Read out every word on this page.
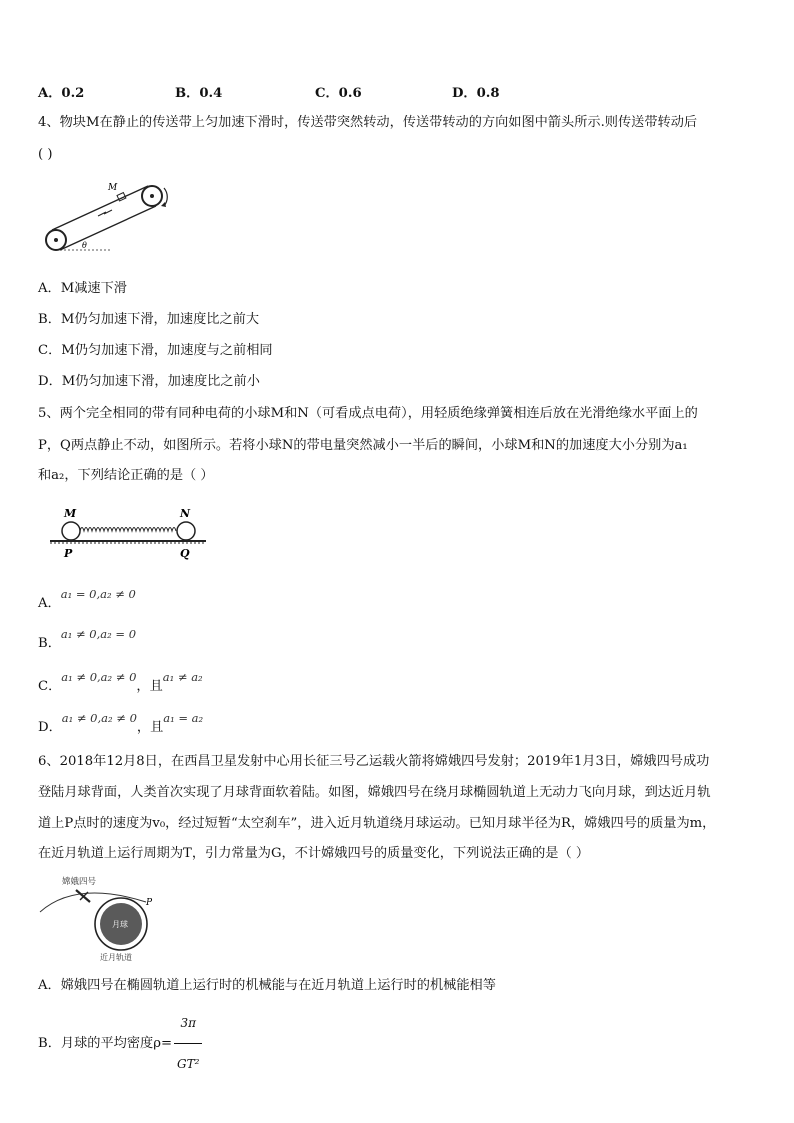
A．0.2	B．0.4	C．0.6	D．0.8
4、物块M在静止的传送带上匀加速下滑时，传送带突然转动，传送带转动的方向如图中箭头所示.则传送带转动后
( )
M
θ
A．M减速下滑
B．M仍匀加速下滑，加速度比之前大
C．M仍匀加速下滑，加速度与之前相同
D．M仍匀加速下滑，加速度比之前小
5、两个完全相同的带有同种电荷的小球M和N（可看成点电荷），用轻质绝缘弹簧相连后放在光滑绝缘水平面上的
P，Q两点静止不动，如图所示。若将小球N的带电量突然减小一半后的瞬间，小球M和N的加速度大小分别为a₁
和a₂，下列结论正确的是（ ）
M	N
P	Q
A．a₁ = 0,a₂ ≠ 0
B．a₁ ≠ 0,a₂ = 0
C．a₁ ≠ 0,a₂ ≠ 0，且a₁ ≠ a₂
D．a₁ ≠ 0,a₂ ≠ 0，且a₁ = a₂
6、2018年12月8日，在西昌卫星发射中心用长征三号乙运载火箭将嫦娥四号发射；2019年1月3日，嫦娥四号成功
登陆月球背面，人类首次实现了月球背面软着陆。如图，嫦娥四号在绕月球椭圆轨道上无动力飞向月球，到达近月轨
道上P点时的速度为v₀，经过短暂“太空刹车”，进入近月轨道绕月球运动。已知月球半径为R，嫦娥四号的质量为m，
在近月轨道上运行周期为T，引力常量为G，不计嫦娥四号的质量变化，下列说法正确的是（ ）
嫦娥四号
月球
P
近月轨道
A．嫦娥四号在椭圆轨道上运行时的机械能与在近月轨道上运行时的机械能相等
B．月球的平均密度$\rho= \frac{3\pi}{\text{GT²}}$
